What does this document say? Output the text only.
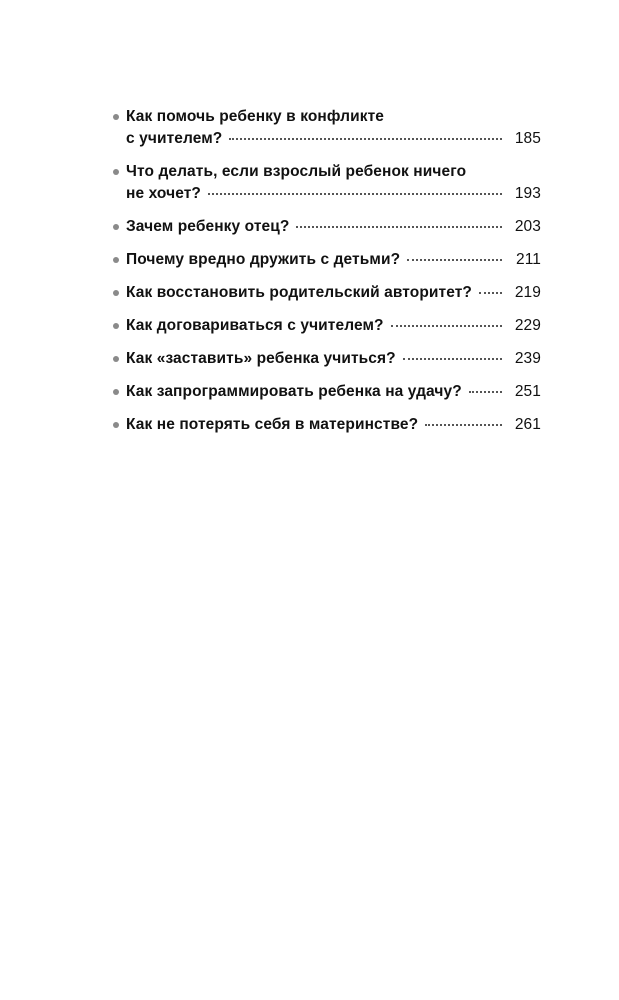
Как помочь ребенку в конфликте
с учителем?	185
Что делать, если взрослый ребенок ничего
не хочет?	193
Зачем ребенку отец?	203
Почему вредно дружить с детьми?	211
Как восстановить родительский авторитет?	219
Как договариваться с учителем?	229
Как «заставить» ребенка учиться?	239
Как запрограммировать ребенка на удачу?	251
Как не потерять себя в материнстве?	261
